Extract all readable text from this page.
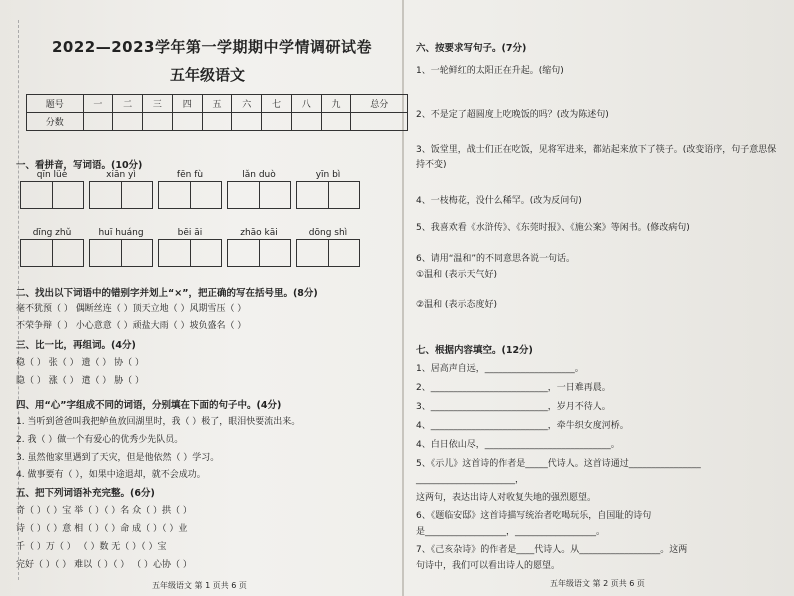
2022—2023学年第一学期期中学情调研试卷
五年级语文
题号	一	二	三	四	五	六	七	八	九	总分
分数										
一、看拼音，写词语。(10分)
qīn lüè	xiān yì	fēn fù	lǎn duò	yīn bì
dīng zhǔ	huī huáng	bēi āi	zhāo kāi	dōng shì
二、找出以下词语中的错别字并划上“×”，把正确的写在括号里。(8分)
毫不犹预（ ） 偶断丝连（ ）顶天立地（ ）风期雪压（ ）
不荣争辩（ ） 小心意意（ ）顽盐大雨（ ）坡负盛名（ ）
三、比一比，再组词。(4分)
稳（ ） 张（ ） 遗（ ） 协（ ）
隐（ ） 涨（ ） 遣（ ） 胁（ ）
四、用“心”字组成不同的词语，分别填在下面的句子中。(4分)
1. 当听到爸爸叫我把鲈鱼放回湖里时，我（ ）极了，眼泪快要流出来。
2. 我（ ）做一个有爱心的优秀少先队员。
3. 虽然他家里遇到了天灾，但是他依然（ ）学习。
4. 做事要有（ ），如果中途退却，就不会成功。
五、把下列词语补充完整。(6分)
奇（ ）（ ）宝 举（ ）（ ）名 众（ ）拱（ ）
诗（ ）（ ）意 相（ ）（ ）命 成（ ）（ ）业
千（ ）万（ ） （ ）数 无（ ）（ ）宝
完好（ ）（ ） 难以（ ）（ ） （ ）心协（ ）
五年级语文 第 1 页共 6 页
六、按要求写句子。(7分)
1、一轮鲜红的太阳正在升起。(缩句)
2、不是定了超圆度上吃晚饭的吗？(改为陈述句)
3、饭堂里，战士们正在吃饭，见将军进来，都站起来放下了筷子。(改变语序，句子意思保
持不变)
4、一枝梅花，没什么稀罕。(改为反问句)
5、我喜欢看《水浒传》、《东莞时报》、《施公案》等闲书。(修改病句)
6、请用“温和”的不同意思各说一句话。
①温和 (表示天气好)
②温和 (表示态度好)
七、根据内容填空。(12分)
1、居高声自远，____________________。
2、__________________________，一日难再晨。
3、__________________________，岁月不待人。
4、__________________________，牵牛织女度河桥。
4、白日依山尽，____________________________。
5、《示儿》这首诗的作者是_____代诗人。这首诗通过________________
______________________，
这两句，表达出诗人对收复失地的强烈愿望。
6、《题临安邸》这首诗描写统治者吃喝玩乐，自国耻的诗句
是__________________，__________________。
7、《己亥杂诗》的作者是____代诗人。从__________________。这两
句诗中，我们可以看出诗人的愿望。
五年级语文 第 2 页共 6 页
